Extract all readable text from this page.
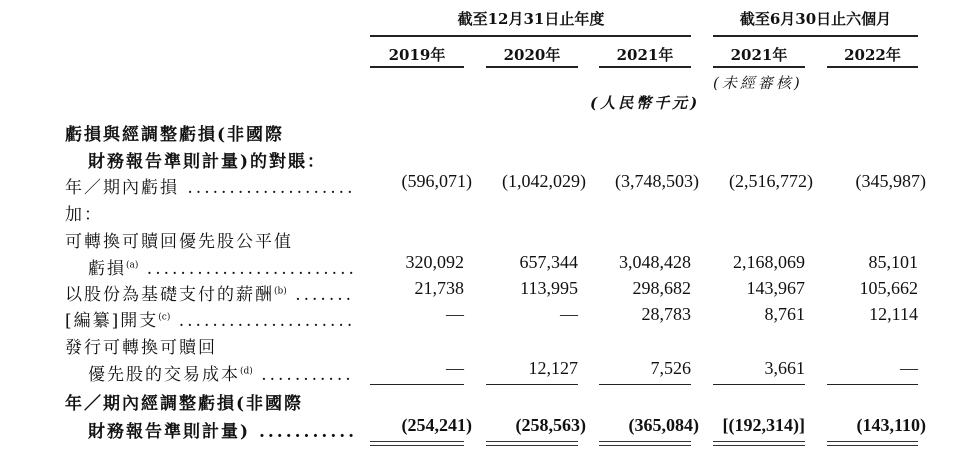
截至12月31日止年度	截至6月30日止六個月
2019年	2020年	2021年	2021年	2022年
(未經審核)
(人民幣千元)
虧損與經調整虧損(非國際
財務報告準則計量)的對賬：
年／期內虧損 .....	(596,071)	(1,042,029)	(3,748,503)	(2,516,772)	(345,987)
加：
可轉換可贖回優先股公平值
虧損$^{(a)}$ .....	320,092	657,344	3,048,428	2,168,069	85,101
以股份為基礎支付的薪酬$^{(b)}$ .....	21,738	113,995	298,682	143,967	105,662
[編纂]開支$^{(c)}$ .....	—	—	28,783	8,761	12,114
發行可轉換可贖回
優先股的交易成本$^{(d)}$ .....	—	12,127	7,526	3,661	—
年／期內經調整虧損(非國際
財務報告準則計量) .....	(254,241)	(258,563)	(365,084)	[(192,314)]	(143,110)
